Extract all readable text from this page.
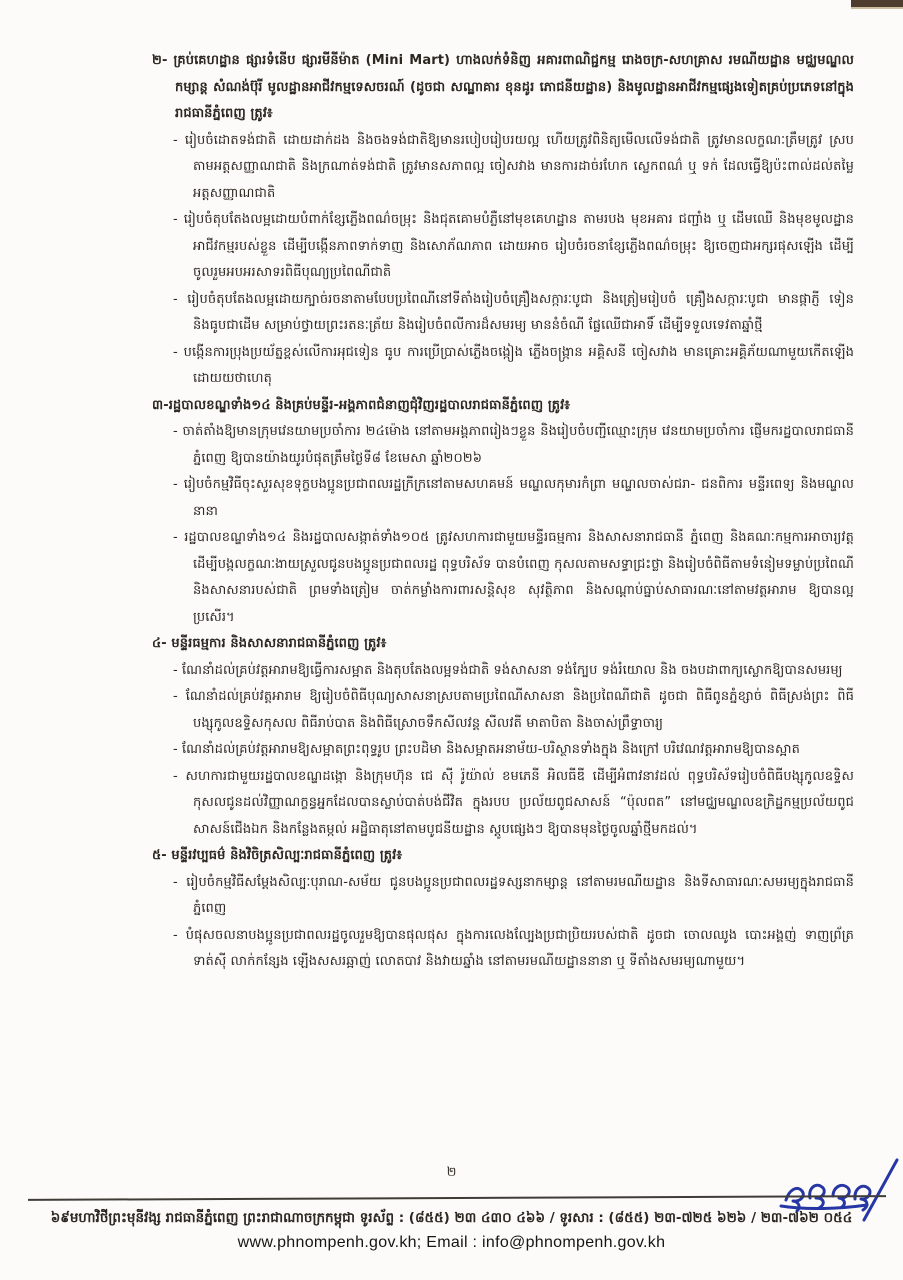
២- គ្រប់គេហដ្ឋាន ផ្សារទំនើប ផ្សារមីនីម៉ាត (Mini Mart) ហាងលក់ទំនិញ អគារពាណិជ្ជកម្ម រោងចក្រ-សហគ្រាស រមណីយដ្ឋាន មជ្ឈមណ្ឌលកម្សាន្ត សំណង់ប៊ុរី មូលដ្ឋានអាជីវកម្មទេសចរណ៍ (ដូចជា សណ្ឋាគារ ខុនដូរ ភោជនីយដ្ឋាន) និងមូលដ្ឋានអាជីវកម្មផ្សេងទៀតគ្រប់ប្រភេទនៅក្នុងរាជធានីភ្នំពេញ ត្រូវ៖
- រៀបចំដោតទង់ជាតិ ដោយដាក់ដង និងចងទង់ជាតិឱ្យមានរបៀបរៀបរយល្អ ហើយត្រូវពិនិត្យមើលលើទង់ជាតិ ត្រូវមានលក្ខណៈត្រឹមត្រូវ ស្របតាមអត្តសញ្ញាណជាតិ និងក្រណាត់ទង់ជាតិ ត្រូវមានសភាពល្អ ចៀសវាង មានការដាច់រហែក ស្លេកពណ៌ ឬ ទក់ ដែលធ្វើឱ្យប៉ះពាល់ដល់តម្លៃអត្តសញ្ញាណជាតិ
- រៀបចំតុបតែងលម្អដោយបំពាក់ខ្សែភ្លើងពណ៌ចម្រុះ និងជុតគោមបំភ្លឺនៅមុខគេហដ្ឋាន តាមរបង មុខអគារ ជញ្ជាំង ឬ ដើមឈើ និងមុខមូលដ្ឋានអាជីវកម្មរបស់ខ្លួន ដើម្បីបង្កើនភាពទាក់ទាញ និងសោភ័ណភាព ដោយអាច រៀបចំរចនាខ្សែភ្លើងពណ៌ចម្រុះ ឱ្យចេញជាអក្សរផុសឡើង ដើម្បីចូលរួមអបអរសាទរពិធីបុណ្យប្រពៃណីជាតិ
- រៀបចំតុបតែងលម្អដោយក្បាច់រចនាតាមបែបប្រពៃណីនៅទីតាំងរៀបចំគ្រឿងសក្ការៈបូជា និងត្រៀមរៀបចំ គ្រឿងសក្ការៈបូជា មានផ្កាភ្ញី ទៀន និងធូបជាដើម សម្រាប់ថ្វាយព្រះរតនៈត្រ័យ និងរៀបចំពលីការដ៏សមរម្យ មាននំចំណី ផ្លែឈើជាអាទិ៍ ដើម្បីទទួលទេវតាឆ្នាំថ្មី
- បង្កើនការប្រុងប្រយ័ត្នខ្ពស់លើការអុជទៀន ធូប ការប្រើប្រាស់ភ្លើងចង្កៀង ភ្លើងចង្ក្រាន អគ្គិសនី ចៀសវាង មានគ្រោះអគ្គិភ័យណាមួយកើតឡើងដោយយថាហេតុ
៣-រដ្ឋបាលខណ្ឌទាំង១៤ និងគ្រប់មន្ទីរ-អង្គភាពជំនាញជុំវិញរដ្ឋបាលរាជធានីភ្នំពេញ ត្រូវ៖
- ចាត់តាំងឱ្យមានក្រុមវេនយាមប្រចាំការ ២៤ម៉ោង នៅតាមអង្គភាពរៀងៗខ្លួន និងរៀបចំបញ្ជីឈ្មោះក្រុម វេនយាមប្រចាំការ ផ្ញើមករដ្ឋបាលរាជធានីភ្នំពេញ ឱ្យបានយ៉ាងយូរបំផុតត្រឹមថ្ងៃទី៨ ខែមេសា ឆ្នាំ២០២៦
- រៀបចំកម្មវិធីចុះសួរសុខទុក្ខបងប្អូនប្រជាពលរដ្ឋក្រីក្រនៅតាមសហគមន៍ មណ្ឌលកុមារកំព្រា មណ្ឌលចាស់ជរា- ជនពិការ មន្ទីរពេទ្យ និងមណ្ឌលនានា
- រដ្ឋបាលខណ្ឌទាំង១៤ និងរដ្ឋបាលសង្កាត់ទាំង១០៥ ត្រូវសហការជាមួយមន្ទីរធម្មការ និងសាសនារាជធានី ភ្នំពេញ និងគណៈកម្មការអាចារ្យវត្ត ដើម្បីបង្កលក្ខណៈងាយស្រួលជូនបងប្អូនប្រជាពលរដ្ឋ ពុទ្ធបរិស័ទ បានបំពេញ កុសលតាមសទ្ធាជ្រះថ្លា និងរៀបចំពិធីតាមទំនៀមទម្លាប់ប្រពៃណី និងសាសនារបស់ជាតិ ព្រមទាំងត្រៀម ចាត់កម្លាំងការពារសន្តិសុខ សុវត្ថិភាព និងសណ្តាប់ធ្នាប់សាធារណៈនៅតាមវត្តអារាម ឱ្យបានល្អប្រសើរ។
៤- មន្ទីរធម្មការ និងសាសនារាជធានីភ្នំពេញ ត្រូវ៖
- ណែនាំដល់គ្រប់វត្តអារាមឱ្យធ្វើការសម្អាត និងតុបតែងលម្អទង់ជាតិ ទង់សាសនា ទង់ក្បែប ទង់រំយោល និង ចងបដាពាក្យស្លោកឱ្យបានសមរម្យ
- ណែនាំដល់គ្រប់វត្តអារាម ឱ្យរៀបចំពិធីបុណ្យសាសនាស្របតាមប្រពៃណីសាសនា និងប្រពៃណីជាតិ ដូចជា ពិធីពូនភ្នំខ្សាច់ ពិធីស្រង់ព្រះ ពិធីបង្សុកូលឧទ្ទិសកុសល ពិធីរាប់បាត និងពិធីស្រោចទឹកសីលវន្ត សីលវតី មាតាបិតា និងចាស់ព្រឹទ្ធាចារ្យ
- ណែនាំដល់គ្រប់វត្តអារាមឱ្យសម្អាតព្រះពុទ្ធរូប ព្រះបដិមា និងសម្អាតអនាម័យ-បរិស្ថានទាំងក្នុង និងក្រៅ បរិវេណវត្តអារាមឱ្យបានស្អាត
- សហការជាមួយរដ្ឋបាលខណ្ឌដង្កោ និងក្រុមហ៊ុន ជេ ស៊ី រ៉ូយ៉ាល់ ខមភេនី អិលធីឌី ដើម្បីអំពាវនាវដល់ ពុទ្ធបរិស័ទរៀបចំពិធីបង្សុកូលឧទ្ទិសកុសលជូនដល់វិញ្ញាណក្ខន្ធអ្នកដែលបានស្លាប់បាត់បង់ជីវិត ក្នុងរបប ប្រល័យពូជសាសន៍ “ប៉ុលពត” នៅមជ្ឈមណ្ឌលឧក្រិដ្ឋកម្មប្រល័យពូជសាសន៍ជើងឯក និងកន្លែងតម្កល់ អដ្ឋិធាតុនៅតាមបូជនីយដ្ឋាន ស្តូបផ្សេងៗ ឱ្យបានមុនថ្ងៃចូលឆ្នាំថ្មីមកដល់។
៥- មន្ទីរវប្បធម៌ និងវិចិត្រសិល្បៈរាជធានីភ្នំពេញ ត្រូវ៖
- រៀបចំកម្មវិធីសម្តែងសិល្បៈបុរាណ-សម័យ ជូនបងប្អូនប្រជាពលរដ្ឋទស្សនាកម្សាន្ត នៅតាមរមណីយដ្ឋាន និងទីសាធារណៈសមរម្យក្នុងរាជធានីភ្នំពេញ
- បំផុសចលនាបងប្អូនប្រជាពលរដ្ឋចូលរួមឱ្យបានផុលផុស ក្នុងការលេងល្បែងប្រជាប្រិយរបស់ជាតិ ដូចជា ចោលឈូង បោះអង្គញ់ ទាញព្រ័ត្រ ទាត់ស៊ី លាក់កន្សែង ឡើងសសរឆ្អាញ់ លោតបាវ និងវាយឆ្នាំង នៅតាមរមណីយដ្ឋាននានា ឬ ទីតាំងសមរម្យណាមួយ។
២
៦៩មហាវិថីព្រះមុនីវង្ស រាជធានីភ្នំពេញ ព្រះរាជាណាចក្រកម្ពុជា ទូរស័ព្ទ : (៨៥៥) ២៣ ៤៣០ ៤៦៦ / ទូរសារ : (៨៥៥) ២៣-៧២៥ ៦២៦ / ២៣-៧៦២ ០៥៤
www.phnompenh.gov.kh; Email : info@phnompenh.gov.kh
